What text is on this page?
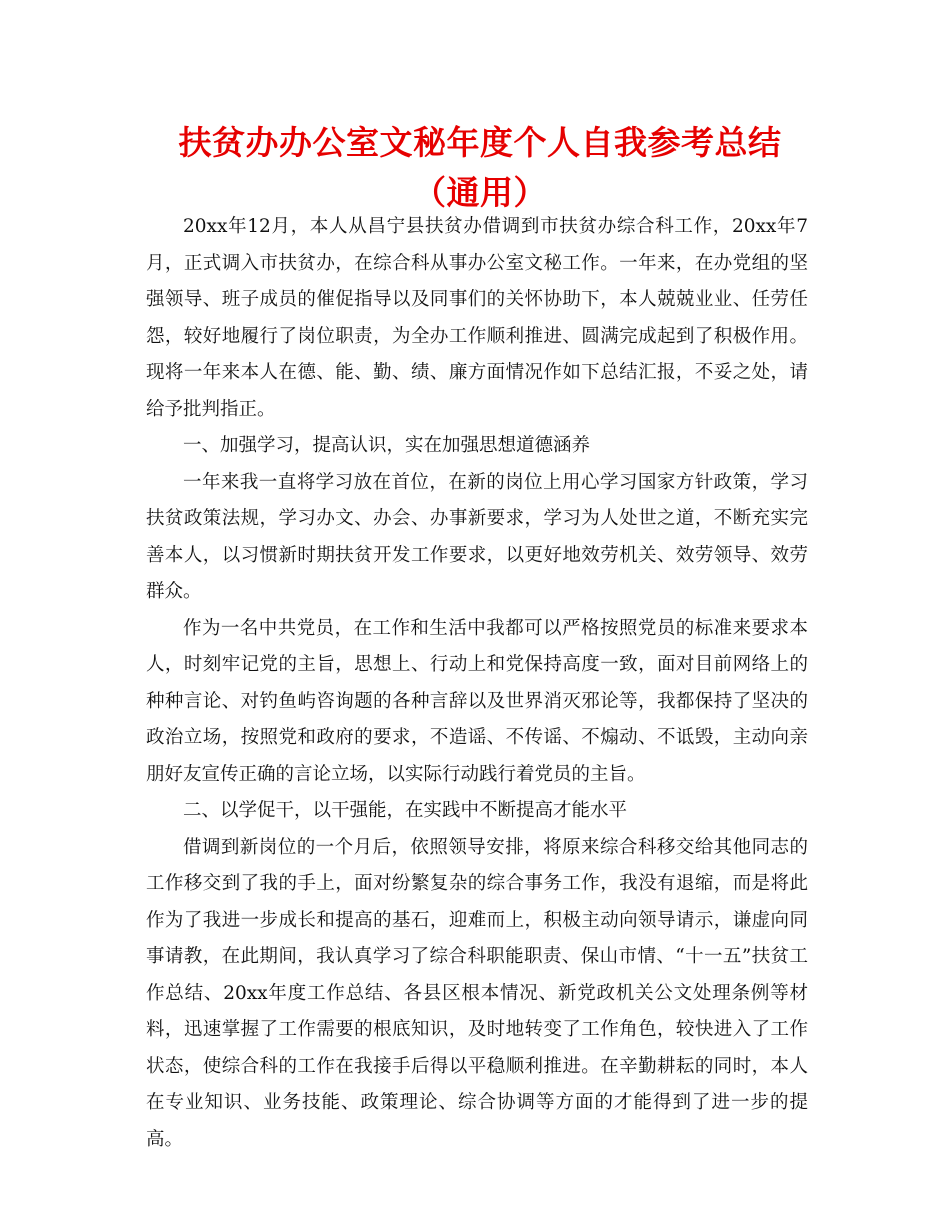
扶贫办办公室文秘年度个人自我参考总结（通用）

20xx年12月，本人从昌宁县扶贫办借调到市扶贫办综合科工作，20xx年7月，正式调入市扶贫办，在综合科从事办公室文秘工作。一年来，在办党组的坚强领导、班子成员的催促指导以及同事们的关怀协助下，本人兢兢业业、任劳任怨，较好地履行了岗位职责，为全办工作顺利推进、圆满完成起到了积极作用。现将一年来本人在德、能、勤、绩、廉方面情况作如下总结汇报，不妥之处，请给予批判指正。

一、加强学习，提高认识，实在加强思想道德涵养

一年来我一直将学习放在首位，在新的岗位上用心学习国家方针政策，学习扶贫政策法规，学习办文、办会、办事新要求，学习为人处世之道，不断充实完善本人，以习惯新时期扶贫开发工作要求，以更好地效劳机关、效劳领导、效劳群众。

作为一名中共党员，在工作和生活中我都可以严格按照党员的标准来要求本人，时刻牢记党的主旨，思想上、行动上和党保持高度一致，面对目前网络上的种种言论、对钓鱼屿咨询题的各种言辞以及世界消灭邪论等，我都保持了坚决的政治立场，按照党和政府的要求，不造谣、不传谣、不煽动、不诋毁，主动向亲朋好友宣传正确的言论立场，以实际行动践行着党员的主旨。

二、以学促干，以干强能，在实践中不断提高才能水平

借调到新岗位的一个月后，依照领导安排，将原来综合科移交给其他同志的工作移交到了我的手上，面对纷繁复杂的综合事务工作，我没有退缩，而是将此作为了我进一步成长和提高的基石，迎难而上，积极主动向领导请示，谦虚向同事请教，在此期间，我认真学习了综合科职能职责、保山市情、“十一五”扶贫工作总结、20xx年度工作总结、各县区根本情况、新党政机关公文处理条例等材料，迅速掌握了工作需要的根底知识，及时地转变了工作角色，较快进入了工作状态，使综合科的工作在我接手后得以平稳顺利推进。在辛勤耕耘的同时，本人在专业知识、业务技能、政策理论、综合协调等方面的才能得到了进一步的提高。
